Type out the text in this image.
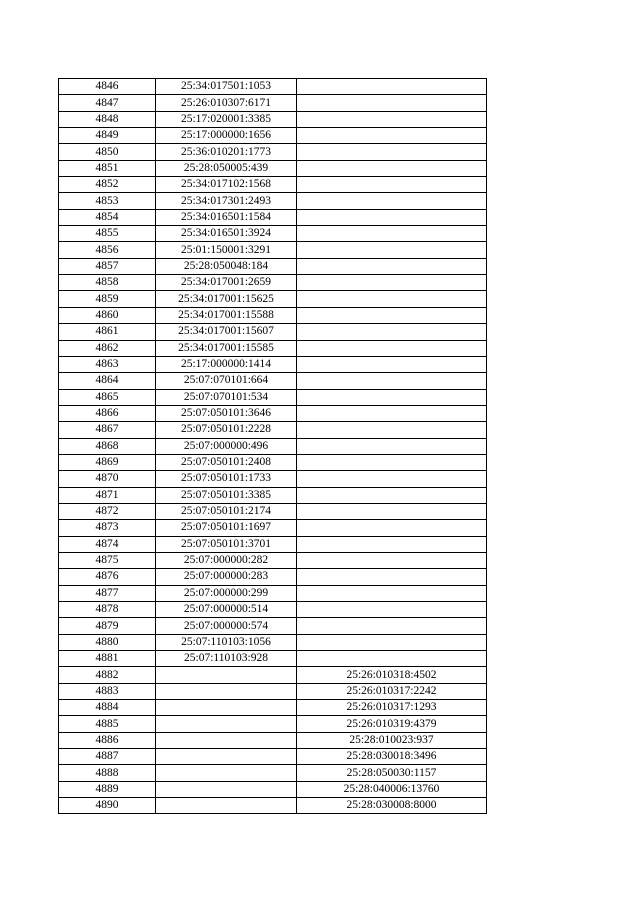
4846	25:34:017501:1053	
4847	25:26:010307:6171	
4848	25:17:020001:3385	
4849	25:17:000000:1656	
4850	25:36:010201:1773	
4851	25:28:050005:439	
4852	25:34:017102:1568	
4853	25:34:017301:2493	
4854	25:34:016501:1584	
4855	25:34:016501:3924	
4856	25:01:150001:3291	
4857	25:28:050048:184	
4858	25:34:017001:2659	
4859	25:34:017001:15625	
4860	25:34:017001:15588	
4861	25:34:017001:15607	
4862	25:34:017001:15585	
4863	25:17:000000:1414	
4864	25:07:070101:664	
4865	25:07:070101:534	
4866	25:07:050101:3646	
4867	25:07:050101:2228	
4868	25:07:000000:496	
4869	25:07:050101:2408	
4870	25:07:050101:1733	
4871	25:07:050101:3385	
4872	25:07:050101:2174	
4873	25:07:050101:1697	
4874	25:07:050101:3701	
4875	25:07:000000:282	
4876	25:07:000000:283	
4877	25:07:000000:299	
4878	25:07:000000:514	
4879	25:07:000000:574	
4880	25:07:110103:1056	
4881	25:07:110103:928	
4882		25:26:010318:4502
4883		25:26:010317:2242
4884		25:26:010317:1293
4885		25:26:010319:4379
4886		25:28:010023:937
4887		25:28:030018:3496
4888		25:28:050030:1157
4889		25:28:040006:13760
4890		25:28:030008:8000
